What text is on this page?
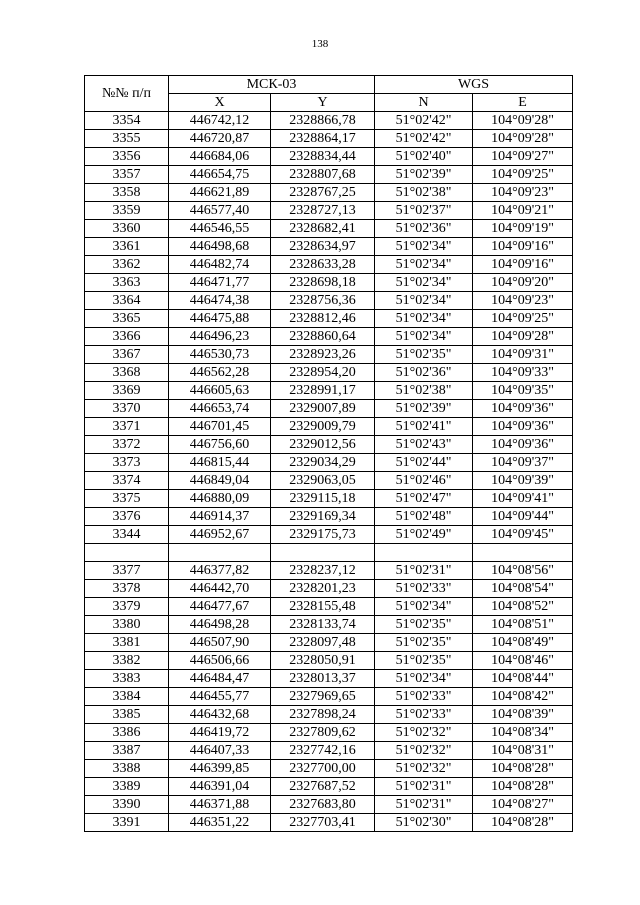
138
№№ п/п	МСК-03		WGS	
	X	Y	N	E
3354	446742,12	2328866,78	51°02'42"	104°09'28"
3355	446720,87	2328864,17	51°02'42"	104°09'28"
3356	446684,06	2328834,44	51°02'40"	104°09'27"
3357	446654,75	2328807,68	51°02'39"	104°09'25"
3358	446621,89	2328767,25	51°02'38"	104°09'23"
3359	446577,40	2328727,13	51°02'37"	104°09'21"
3360	446546,55	2328682,41	51°02'36"	104°09'19"
3361	446498,68	2328634,97	51°02'34"	104°09'16"
3362	446482,74	2328633,28	51°02'34"	104°09'16"
3363	446471,77	2328698,18	51°02'34"	104°09'20"
3364	446474,38	2328756,36	51°02'34"	104°09'23"
3365	446475,88	2328812,46	51°02'34"	104°09'25"
3366	446496,23	2328860,64	51°02'34"	104°09'28"
3367	446530,73	2328923,26	51°02'35"	104°09'31"
3368	446562,28	2328954,20	51°02'36"	104°09'33"
3369	446605,63	2328991,17	51°02'38"	104°09'35"
3370	446653,74	2329007,89	51°02'39"	104°09'36"
3371	446701,45	2329009,79	51°02'41"	104°09'36"
3372	446756,60	2329012,56	51°02'43"	104°09'36"
3373	446815,44	2329034,29	51°02'44"	104°09'37"
3374	446849,04	2329063,05	51°02'46"	104°09'39"
3375	446880,09	2329115,18	51°02'47"	104°09'41"
3376	446914,37	2329169,34	51°02'48"	104°09'44"
3344	446952,67	2329175,73	51°02'49"	104°09'45"

3377	446377,82	2328237,12	51°02'31"	104°08'56"
3378	446442,70	2328201,23	51°02'33"	104°08'54"
3379	446477,67	2328155,48	51°02'34"	104°08'52"
3380	446498,28	2328133,74	51°02'35"	104°08'51"
3381	446507,90	2328097,48	51°02'35"	104°08'49"
3382	446506,66	2328050,91	51°02'35"	104°08'46"
3383	446484,47	2328013,37	51°02'34"	104°08'44"
3384	446455,77	2327969,65	51°02'33"	104°08'42"
3385	446432,68	2327898,24	51°02'33"	104°08'39"
3386	446419,72	2327809,62	51°02'32"	104°08'34"
3387	446407,33	2327742,16	51°02'32"	104°08'31"
3388	446399,85	2327700,00	51°02'32"	104°08'28"
3389	446391,04	2327687,52	51°02'31"	104°08'28"
3390	446371,88	2327683,80	51°02'31"	104°08'27"
3391	446351,22	2327703,41	51°02'30"	104°08'28"
